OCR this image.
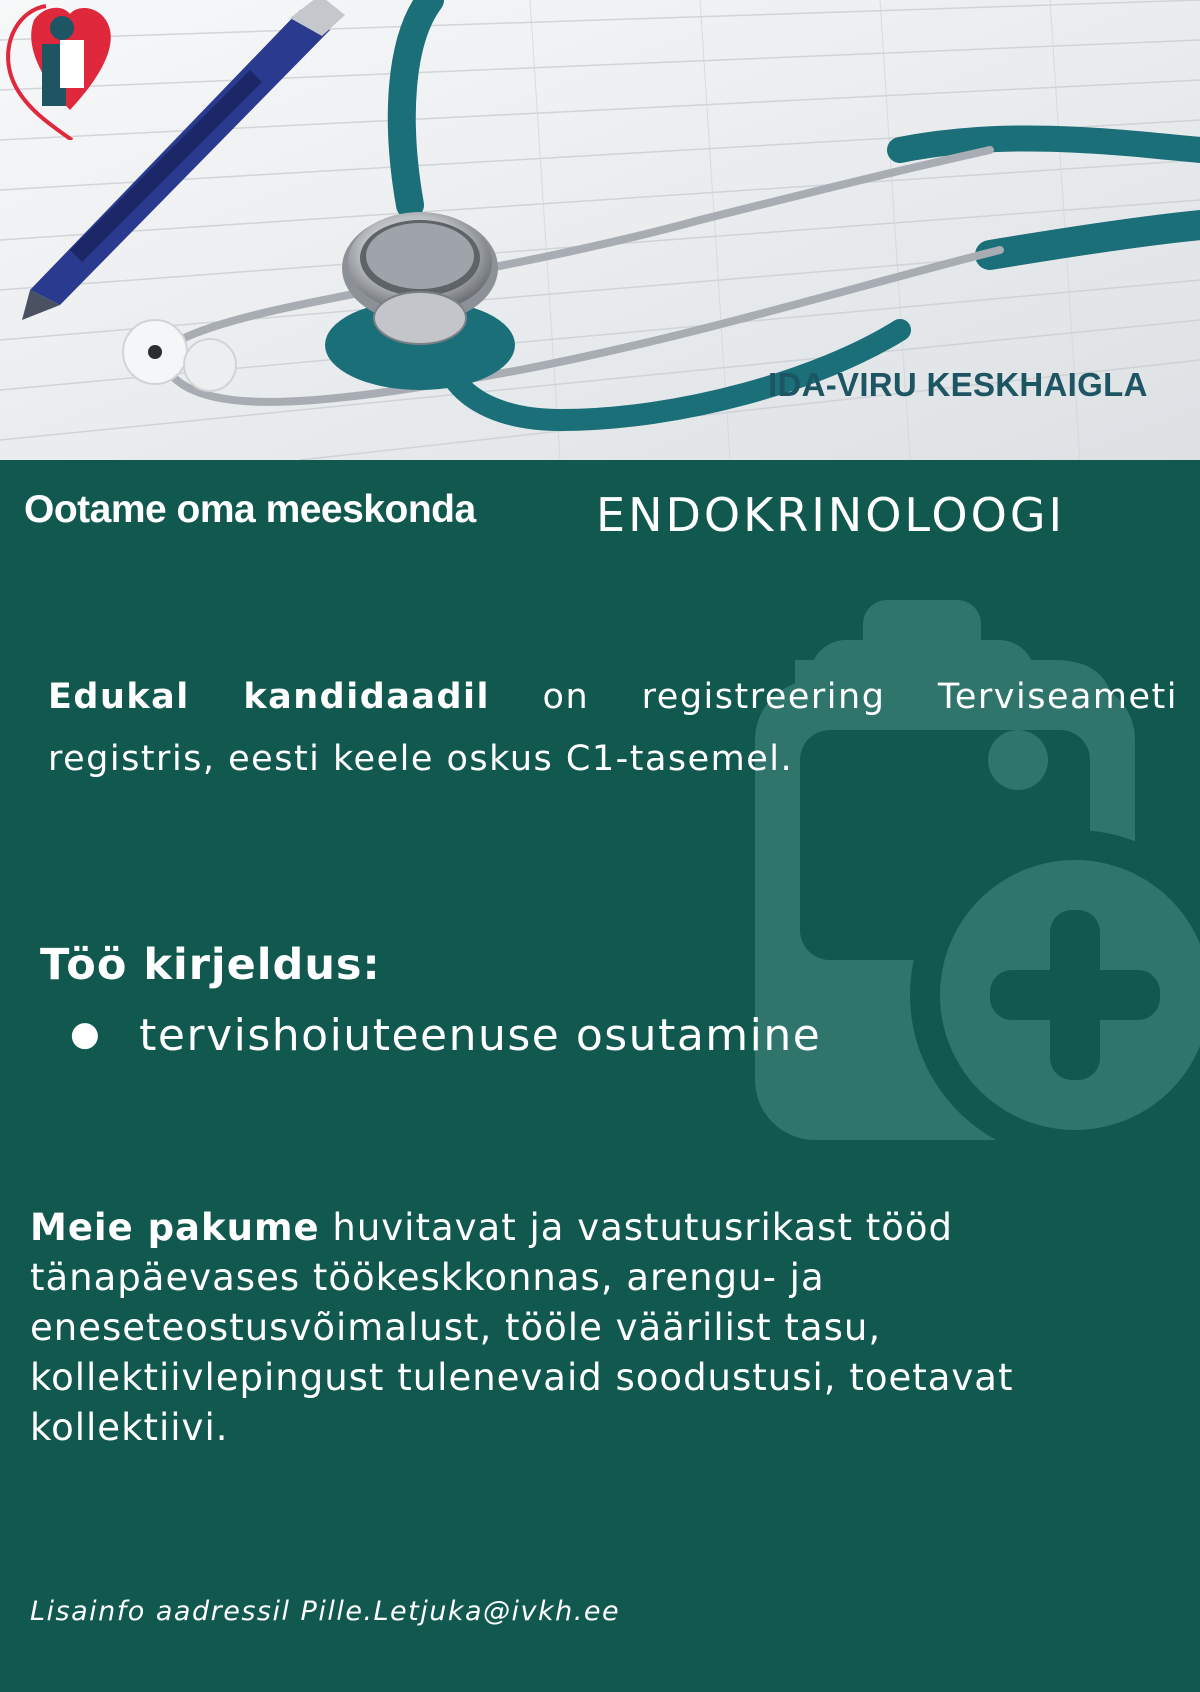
IDA-VIRU KESKHAIGLA
Ootame oma meeskonda	ENDOKRINOLOOGI
Edukal kandidaadil on registreering Terviseameti registris, eesti keele oskus C1-tasemel.
Töö kirjeldus:
● tervishoiuteenuse osutamine
Meie pakume huvitavat ja vastutusrikast tööd tänapäevases töökeskkonnas, arengu- ja eneseteostusvõimalust, tööle väärilist tasu, kollektiivlepingust tulenevaid soodustusi, toetavat kollektiivi.
Lisainfo aadressil Pille.Letjuka@ivkh.ee
